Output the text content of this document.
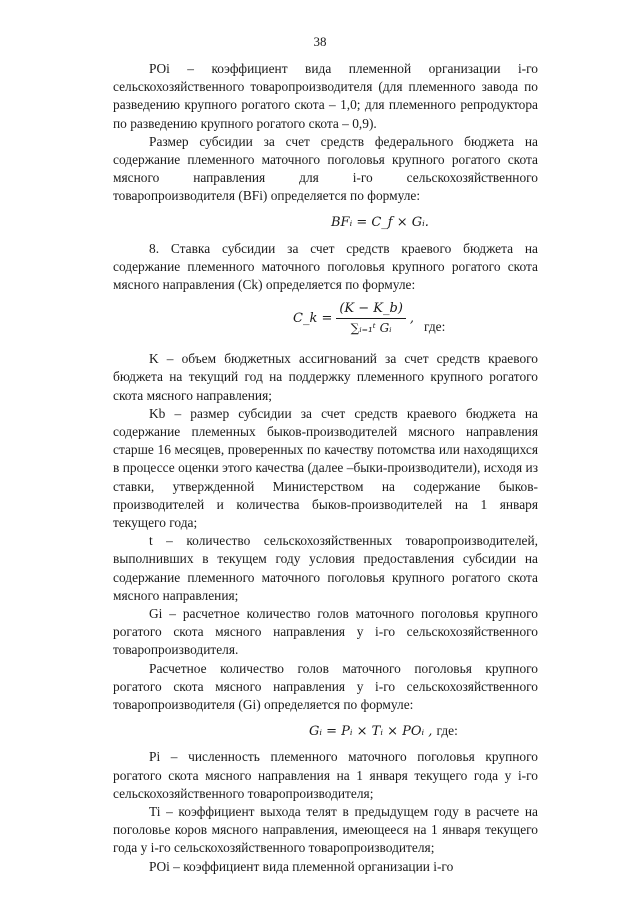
38

POi – коэффициент вида племенной организации i-го сельскохозяйственного товаропроизводителя (для племенного завода по разведению крупного рогатого скота – 1,0; для племенного репродуктора по разведению крупного рогатого скота – 0,9).

Размер субсидии за счет средств федерального бюджета на содержание племенного маточного поголовья крупного рогатого скота мясного направления для i-го сельскохозяйственного товаропроизводителя (BFi) определяется по формуле:

BFᵢ = C_f × Gᵢ.

8. Ставка субсидии за счет средств краевого бюджета на содержание племенного маточного поголовья крупного рогатого скота мясного направления (Ck) определяется по формуле:

C_k = $\frac{(K - K\_b)}{\text{∑ᵢ₌₁ᵗ Gᵢ}}$ ,
где:

K – объем бюджетных ассигнований за счет средств краевого бюджета на текущий год на поддержку племенного крупного рогатого скота мясного направления;

Kb – размер субсидии за счет средств краевого бюджета на содержание племенных быков-производителей мясного направления старше 16 месяцев, проверенных по качеству потомства или находящихся в процессе оценки этого качества (далее –быки-производители), исходя из ставки, утвержденной Министерством на содержание быков-производителей и количества быков-производителей на 1 января текущего года;

t – количество сельскохозяйственных товаропроизводителей, выполнивших в текущем году условия предоставления субсидии на содержание племенного маточного поголовья крупного рогатого скота мясного направления;

Gi – расчетное количество голов маточного поголовья крупного рогатого скота мясного направления у i-го сельскохозяйственного товаропроизводителя.

Расчетное количество голов маточного поголовья крупного рогатого скота мясного направления у i-го сельскохозяйственного товаропроизводителя (Gi) определяется по формуле:

Gᵢ = Pᵢ × Tᵢ × POᵢ , где:

Pi – численность племенного маточного поголовья крупного рогатого скота мясного направления на 1 января текущего года у i-го сельскохозяйственного товаропроизводителя;

Ti – коэффициент выхода телят в предыдущем году в расчете на поголовье коров мясного направления, имеющееся на 1 января текущего года у i-го сельскохозяйственного товаропроизводителя;

POi – коэффициент вида племенной организации i-го
